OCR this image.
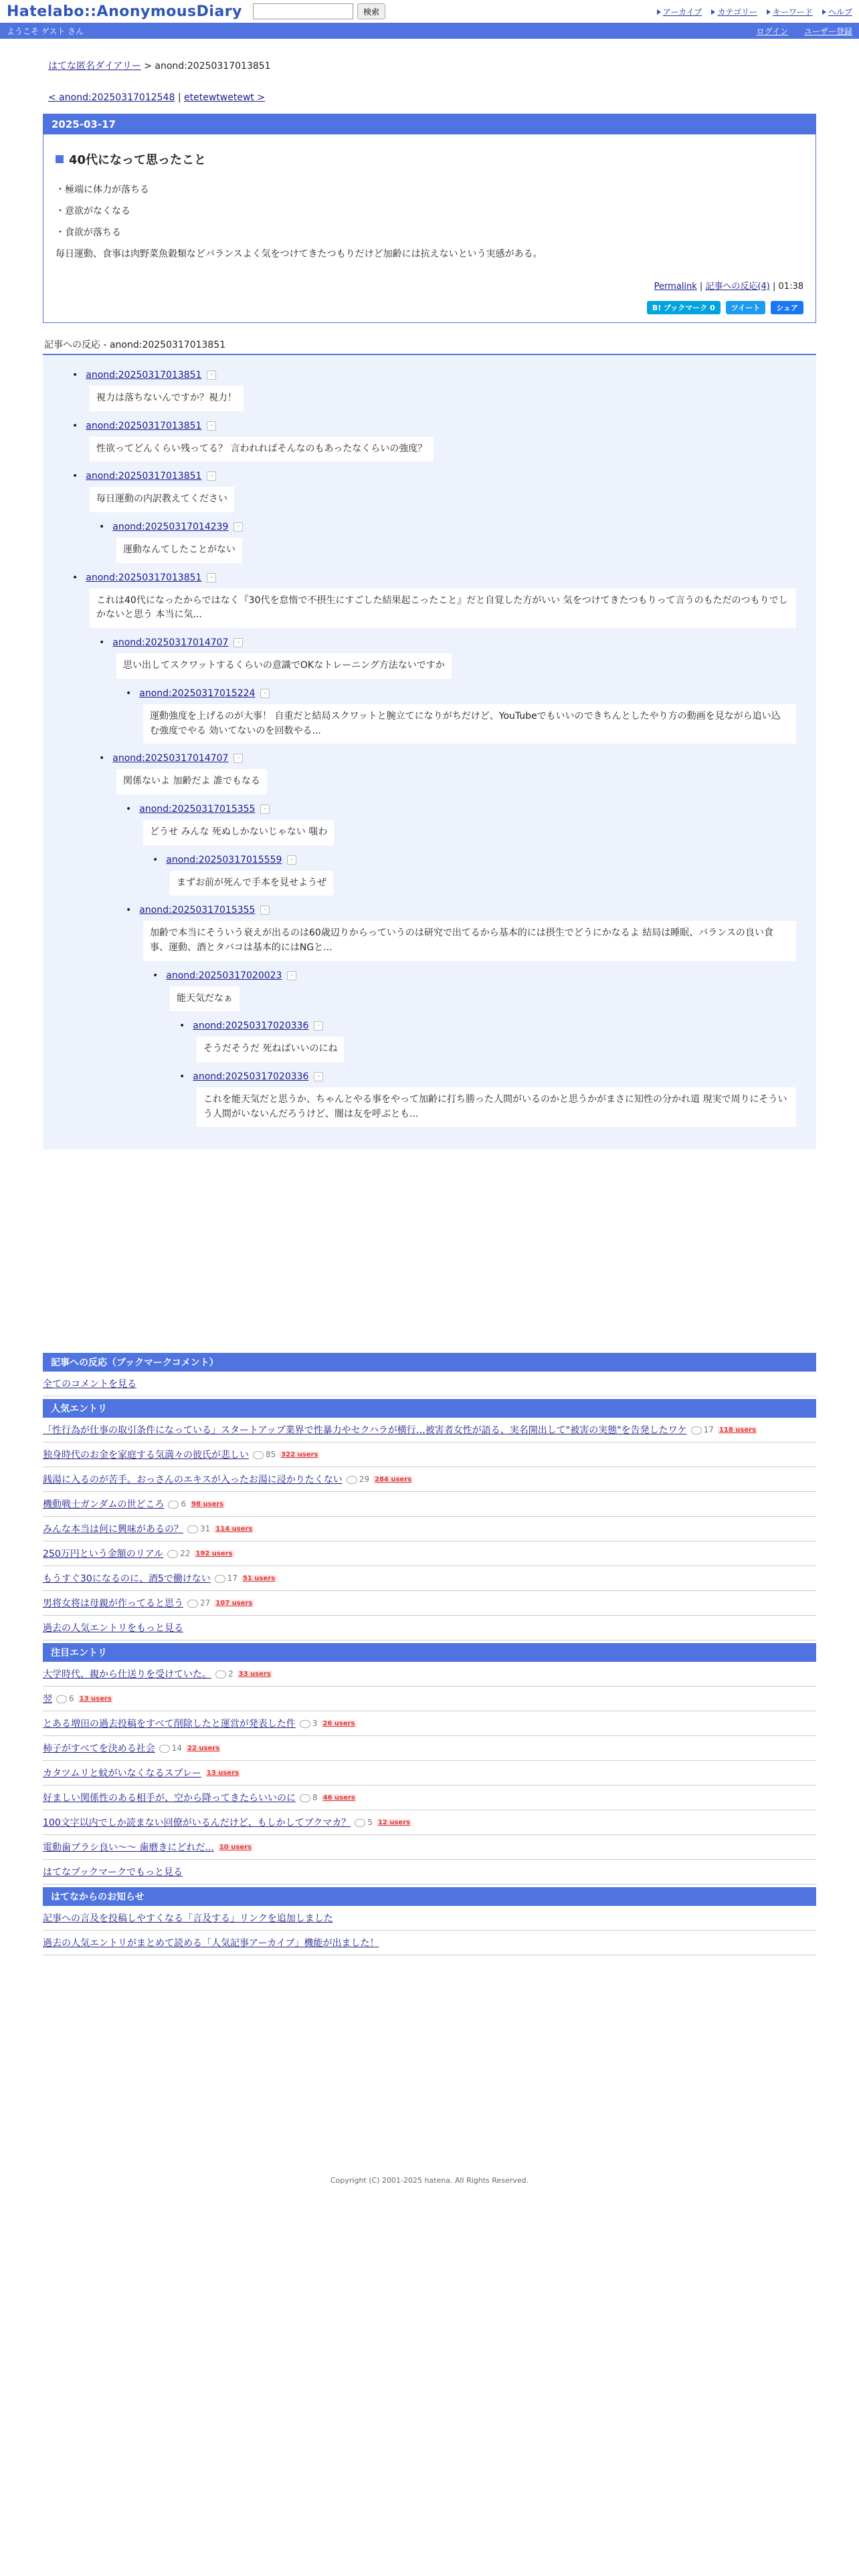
Hatelabo::AnonymousDiary	検索	アーカイブ	カテゴリー	キーワード	ヘルプ
ようこそ ゲスト さん	ログイン ユーザー登録
はてな匿名ダイアリー > anond:20250317013851
< anond:20250317012548 | etetewtwetewt >
2025-03-17
40代になって思ったこと
・極端に体力が落ちる
・意欲がなくなる
・食欲が落ちる
毎日運動、食事は肉野菜魚穀類などバランスよく気をつけてきたつもりだけど加齢には抗えないという実感がある。
Permalink | 記事への反応(4) | 01:38
B! ブックマーク 0	ツイート	シェア
記事への反応 - anond:20250317013851
• anond:20250317013851	-
視力は落ちないんですか？視力！
• anond:20250317013851	-
性欲ってどんくらい残ってる？ 言われればそんなのもあったなくらいの強度？
• anond:20250317013851	-
毎日運動の内訳教えてください
• anond:20250317014239	-
運動なんてしたことがない
• anond:20250317013851	-
これは40代になったからではなく『30代を怠惰で不摂生にすごした結果起こったこと』だと自覚した方がいい 気をつけてきたつもりって言うのもただのつもりでしかないと思う 本当に気...
• anond:20250317014707	-
思い出してスクワットするくらいの意識でOKなトレーニング方法ないですか
• anond:20250317015224	-
運動強度を上げるのが大事！ 自重だと結局スクワットと腕立てになりがちだけど、YouTubeでもいいのできちんとしたやり方の動画を見ながら追い込む強度でやる 効いてないのを回数やる...
• anond:20250317014707	-
関係ないよ 加齢だよ 誰でもなる
• anond:20250317015355	-
どうせ みんな 死ぬしかないじゃない 嗤わ
• anond:20250317015559	-
まずお前が死んで手本を見せようぜ
• anond:20250317015355	-
加齢で本当にそういう衰えが出るのは60歳辺りからっていうのは研究で出てるから基本的には摂生でどうにかなるよ 結局は睡眠、バランスの良い食事、運動、酒とタバコは基本的にはNGと...
• anond:20250317020023	-
能天気だなぁ
• anond:20250317020336	-
そうだそうだ 死ねばいいのにね
• anond:20250317020336	-
これを能天気だと思うか、ちゃんとやる事をやって加齢に打ち勝った人間がいるのかと思うかがまさに知性の分かれ道 現実で周りにそういう人間がいないんだろうけど、闇は友を呼ぶとも...
記事への反応（ブックマークコメント）
全てのコメントを見る
人気エントリ
「性行為が仕事の取引条件になっている」スタートアップ業界で性暴力やセクハラが横行…被害者女性が語る、実名開出して"被害の実態"を告発したワケ	17 118 users
独身時代のお金を家庭する気満々の彼氏が悲しい	85 322 users
銭湯に入るのが苦手。おっさんのエキスが入ったお湯に浸かりたくない	29 284 users
機動戦士ガンダムの世どころ	6 98 users
みんな本当は何に興味があるの？	31 114 users
250万円という金額のリアル	22 192 users
もうすぐ30になるのに、酒5で働けない	17 51 users
男将女将は母親が作ってると思う	27 107 users
過去の人気エントリをもっと見る
注目エントリ
大学時代、親から仕送りを受けていた。	2 33 users
翌	6 13 users
とある増田の過去投稿をすべて削除したと運営が発表した件	3 26 users
柿子がすべてを決める社会	14 22 users
カタツムリと蚊がいなくなるスプレー 13 users
好ましい関係性のある相手が、空から降ってきたらいいのに	8 46 users
100文字以内でしか読まない回僚がいるんだけど、もしかしてブクマカ？	5 12 users
電動歯ブラシ良い〜〜 歯磨きにどれだ... 10 users
はてなブックマークでもっと見る
はてなからのお知らせ
記事への言及を投稿しやすくなる「言及する」リンクを追加しました
過去の人気エントリがまとめて読める「人気記事アーカイブ」機能が出ました！
Copyright (C) 2001-2025 hatena. All Rights Reserved.
